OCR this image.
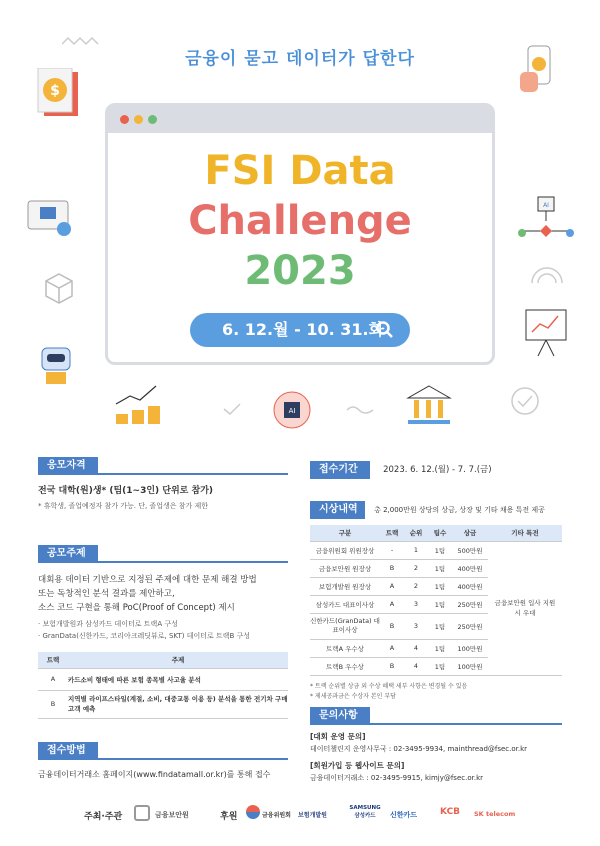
금융이 묻고 데이터가 답한다
$
FSI Data
Challenge
2023
6. 12.월 - 10. 31.화
AI
AI
응모자격
전국 대학(원)생* (팀(1~3인) 단위로 참가)
* 휴학생, 졸업예정자 참가 가능. 단, 졸업생은 참가 제한
공모주제
대회용 데이터 기반으로 지정된 주제에 대한 문제 해결 방법
또는 독창적인 분석 결과를 제안하고,
소스 코드 구현을 통해 PoC(Proof of Concept) 제시
· 보험개발원과 삼성카드 데이터로 트랙A 구성
· GranData(신한카드, 코리아크레딧뷰로, SKT) 데이터로 트랙B 구성
트랙	주제
A	카드소비 형태에 따른 보험 종목별 사고율 분석
B	지역별 라이프스타일(계절, 소비, 대중교통 이용 등) 분석을 통한 전기차 구매 고객 예측
접수방법
금융데이터거래소 홈페이지(www.findatamall.or.kr)를 통해 접수
접수기간	2023. 6. 12.(월) - 7. 7.(금)
시상내역 총 2,000만원 상당의 상금, 상장 및 기타 채용 특전 제공
구분	트랙	순위	팀수	상금	기타 특전
금융위원회 위원장상	-	1	1팀	500만원	금융보안원 입사 지원 시 우대
금융보안원 원장상	B	2	1팀	400만원	
보험개발원 원장상	A	2	1팀	400만원	
삼성카드 대표이사상	A	3	1팀	250만원	
신한카드(GranData) 대표이사상	B	3	1팀	250만원	
트랙A 우수상	A	4	1팀	100만원	
트랙B 우수상	B	4	1팀	100만원	
* 트랙 순위별 상금 외 수상 혜택 세부 사항은 변경될 수 있음
* 제세공과금은 수상자 본인 부담
문의사항
[대회 운영 문의]
데이터챌린지 운영사무국 : 02-3495-9934, mainthread@fsec.or.kr
[회원가입 등 웹사이트 문의]
금융데이터거래소 : 02-3495-9915, kimjy@fsec.or.kr
주최·주관	금융보안원	후원	금융위원회 보험개발원
SAMSUNG 삼성카드	신한카드	KCB SK telecom
